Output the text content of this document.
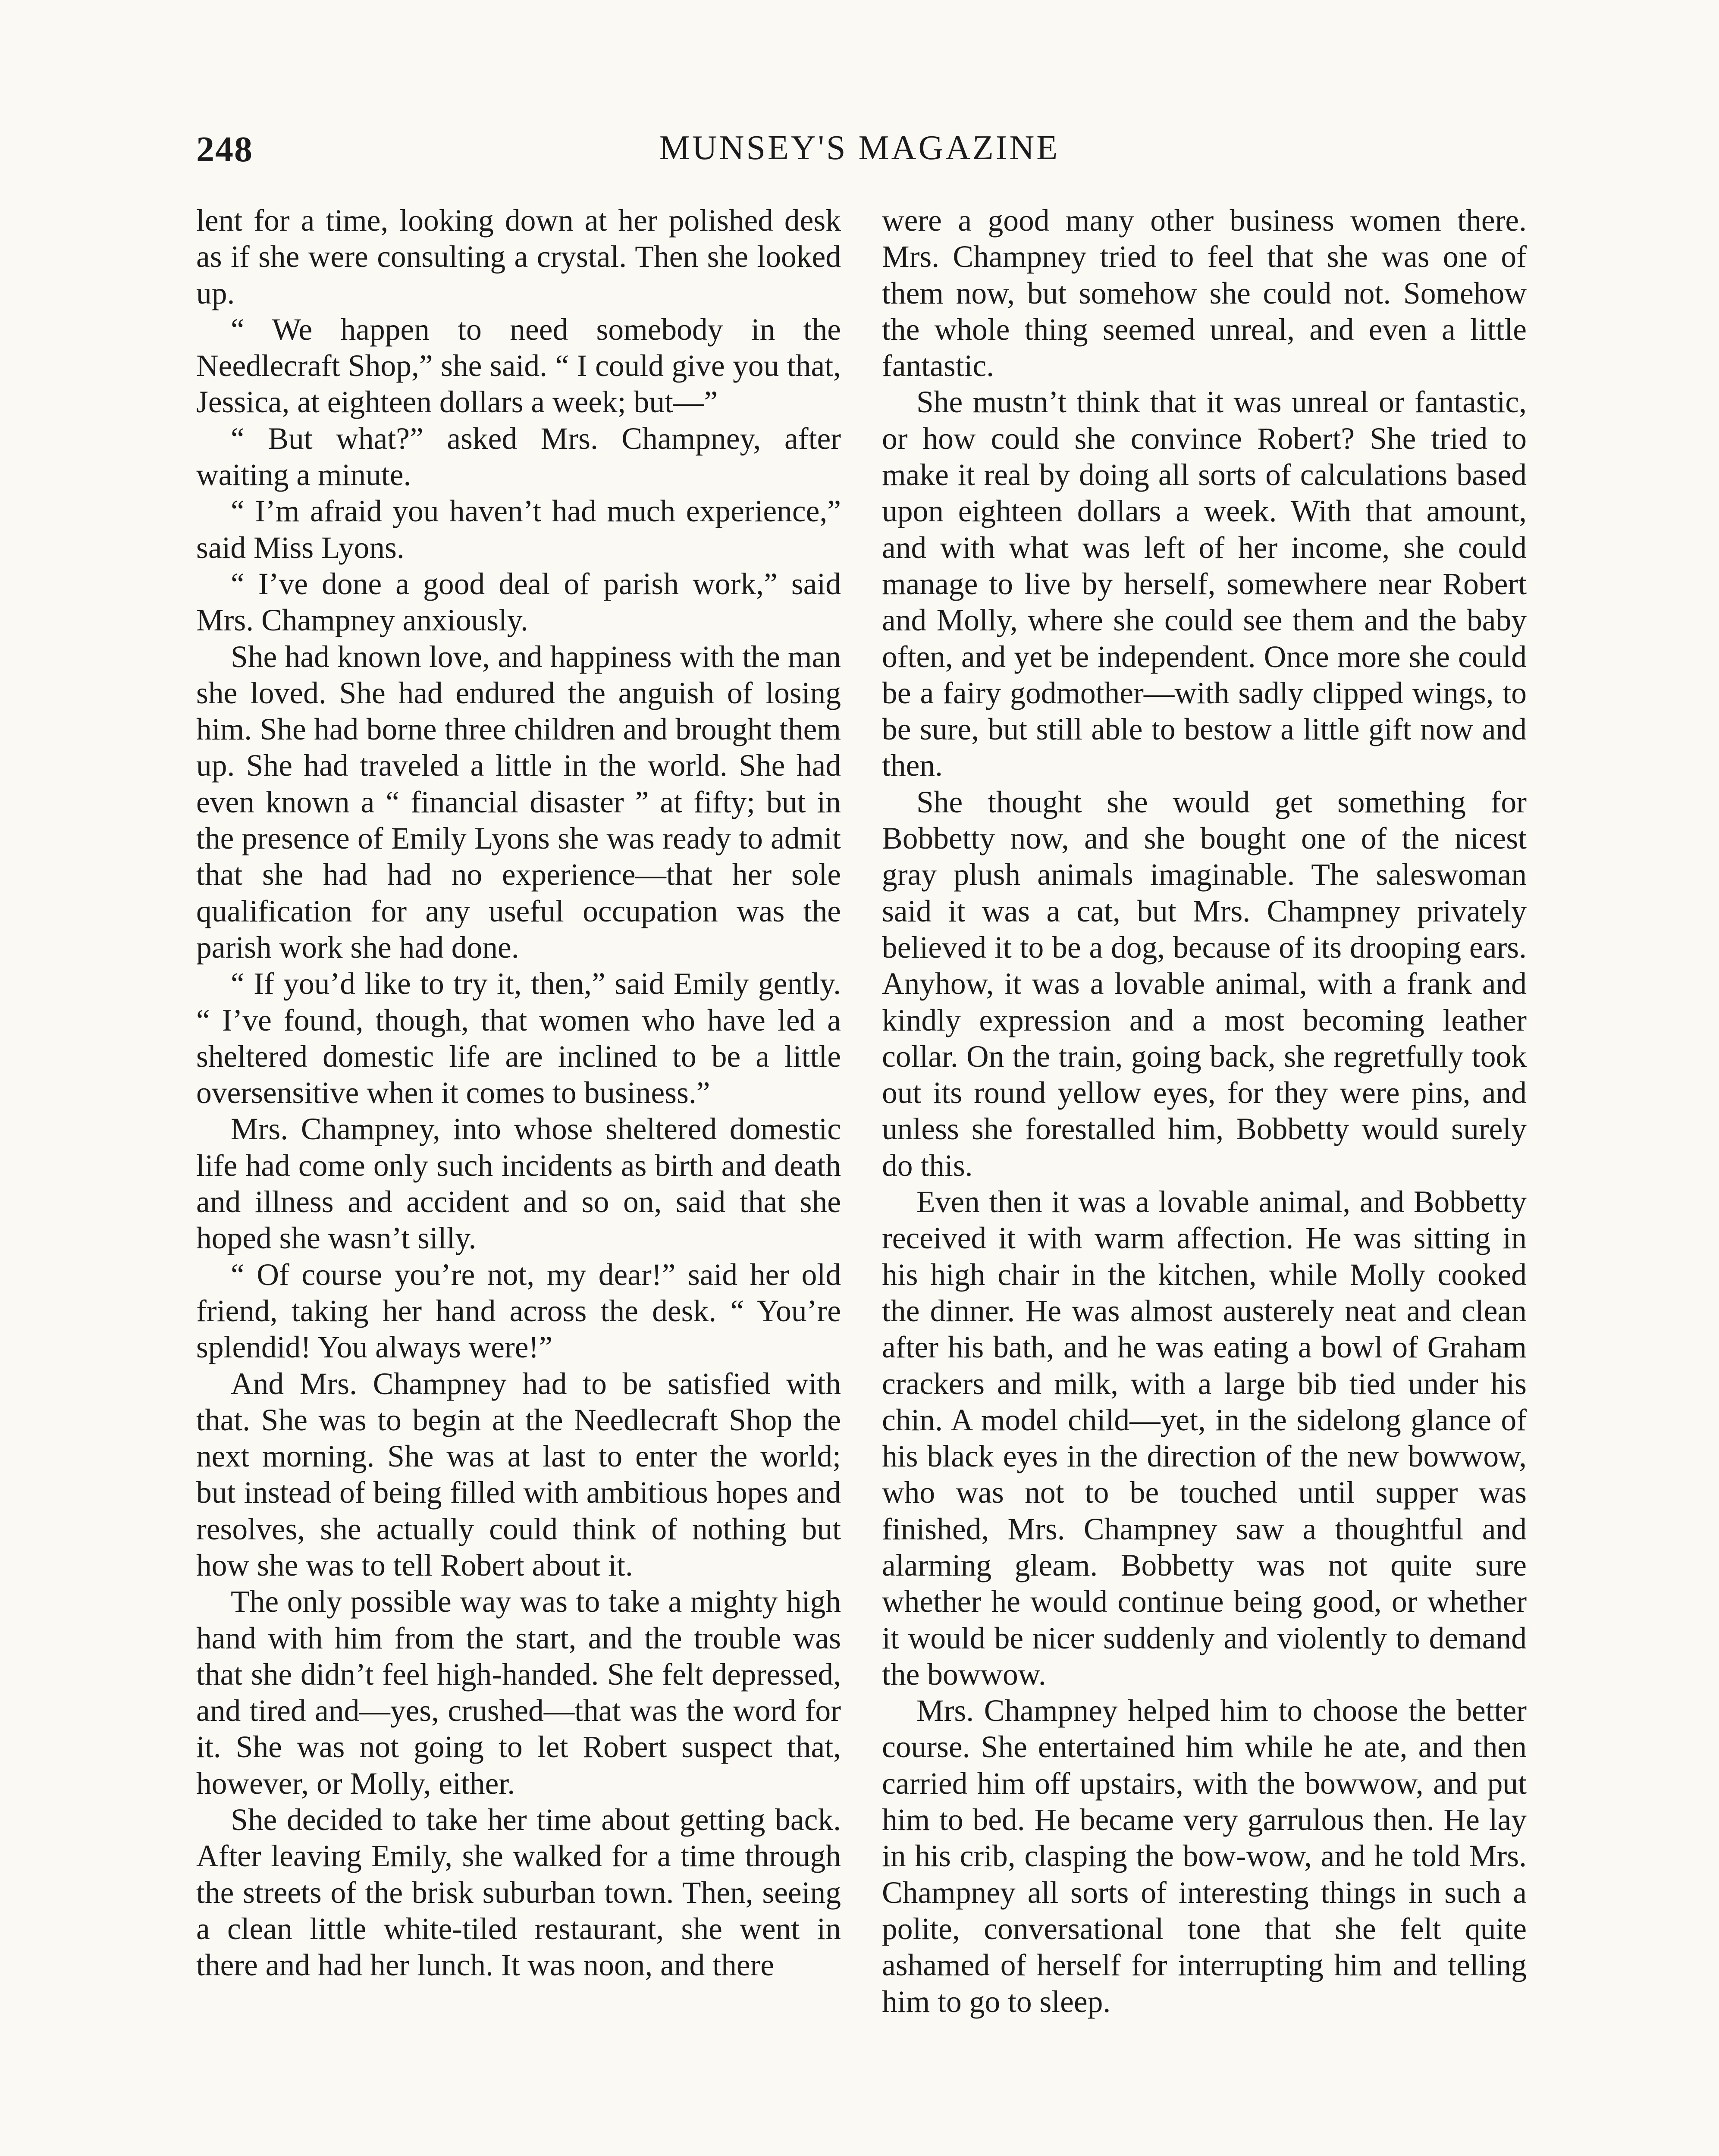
248	MUNSEY'S MAGAZINE

lent for a time, looking down at her polished desk as if she were consulting a crystal. Then she looked up.

“ We happen to need somebody in the Needlecraft Shop,” she said. “ I could give you that, Jessica, at eighteen dollars a week; but—”

“ But what?” asked Mrs. Champney, after waiting a minute.

“ I’m afraid you haven’t had much experience,” said Miss Lyons.

“ I’ve done a good deal of parish work,” said Mrs. Champney anxiously.

She had known love, and happiness with the man she loved. She had endured the anguish of losing him. She had borne three children and brought them up. She had traveled a little in the world. She had even known a “ financial disaster ” at fifty; but in the presence of Emily Lyons she was ready to admit that she had had no experience—that her sole qualification for any useful occupation was the parish work she had done.

“ If you’d like to try it, then,” said Emily gently. “ I’ve found, though, that women who have led a sheltered domestic life are inclined to be a little oversensitive when it comes to business.”

Mrs. Champney, into whose sheltered domestic life had come only such incidents as birth and death and illness and accident and so on, said that she hoped she wasn’t silly.

“ Of course you’re not, my dear!” said her old friend, taking her hand across the desk. “ You’re splendid! You always were!”

And Mrs. Champney had to be satisfied with that. She was to begin at the Needlecraft Shop the next morning. She was at last to enter the world; but instead of being filled with ambitious hopes and resolves, she actually could think of nothing but how she was to tell Robert about it.

The only possible way was to take a mighty high hand with him from the start, and the trouble was that she didn’t feel high-handed. She felt depressed, and tired and—yes, crushed—that was the word for it. She was not going to let Robert suspect that, however, or Molly, either.

She decided to take her time about getting back. After leaving Emily, she walked for a time through the streets of the brisk suburban town. Then, seeing a clean little white-tiled restaurant, she went in there and had her lunch. It was noon, and there

were a good many other business women there. Mrs. Champney tried to feel that she was one of them now, but somehow she could not. Somehow the whole thing seemed unreal, and even a little fantastic.

She mustn’t think that it was unreal or fantastic, or how could she convince Robert? She tried to make it real by doing all sorts of calculations based upon eighteen dollars a week. With that amount, and with what was left of her income, she could manage to live by herself, somewhere near Robert and Molly, where she could see them and the baby often, and yet be independent. Once more she could be a fairy godmother—with sadly clipped wings, to be sure, but still able to bestow a little gift now and then.

She thought she would get something for Bobbetty now, and she bought one of the nicest gray plush animals imaginable. The saleswoman said it was a cat, but Mrs. Champney privately believed it to be a dog, because of its drooping ears. Anyhow, it was a lovable animal, with a frank and kindly expression and a most becoming leather collar. On the train, going back, she regretfully took out its round yellow eyes, for they were pins, and unless she forestalled him, Bobbetty would surely do this.

Even then it was a lovable animal, and Bobbetty received it with warm affection. He was sitting in his high chair in the kitchen, while Molly cooked the dinner. He was almost austerely neat and clean after his bath, and he was eating a bowl of Graham crackers and milk, with a large bib tied under his chin. A model child—yet, in the sidelong glance of his black eyes in the direction of the new bowwow, who was not to be touched until supper was finished, Mrs. Champney saw a thoughtful and alarming gleam. Bobbetty was not quite sure whether he would continue being good, or whether it would be nicer suddenly and violently to demand the bowwow.

Mrs. Champney helped him to choose the better course. She entertained him while he ate, and then carried him off upstairs, with the bowwow, and put him to bed. He became very garrulous then. He lay in his crib, clasping the bow-wow, and he told Mrs. Champney all sorts of interesting things in such a polite, conversational tone that she felt quite ashamed of herself for interrupting him and telling him to go to sleep.
